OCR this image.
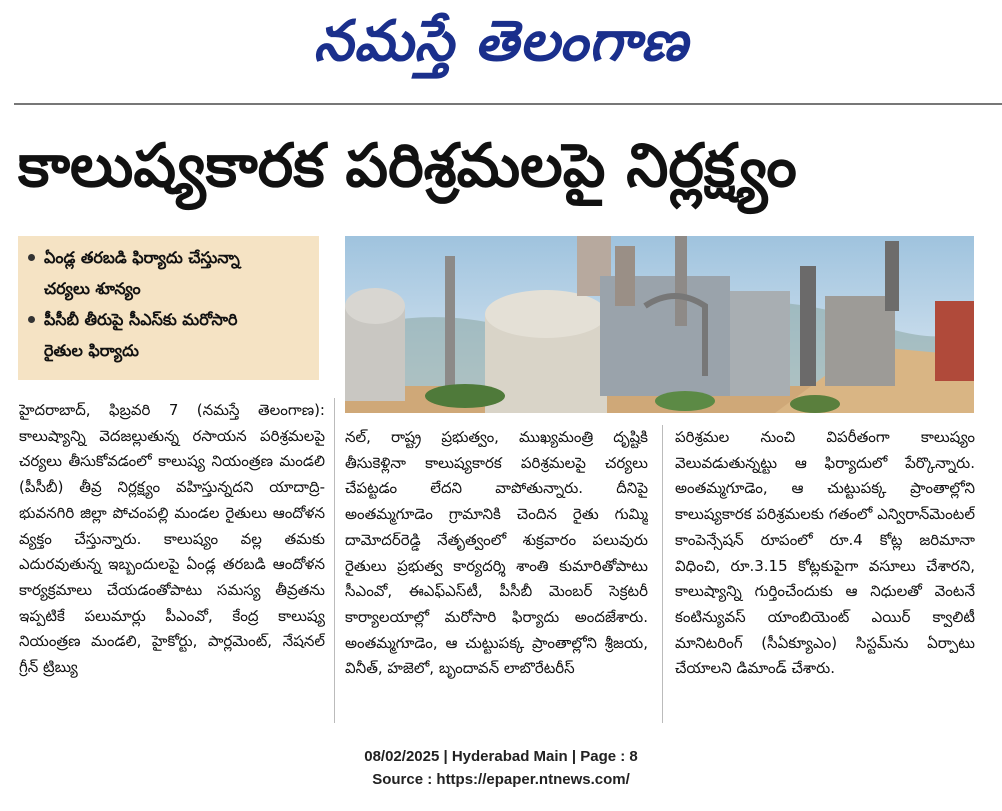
నమస్తే తెలంగాణ
కాలుష్యకారక పరిశ్రమలపై నిర్లక్ష్యం
ఏండ్ల తరబడి ఫిర్యాదు చేస్తున్నా
చర్యలు శూన్యం
పీసీబీ తీరుపై సీఎస్‌కు మరోసారి
రైతుల ఫిర్యాదు

హైదరాబాద్, ఫిబ్రవరి 7 (నమస్తే తెలంగాణ): కాలుష్యాన్ని వెదజల్లుతున్న రసాయన పరిశ్రమలపై చర్యలు తీసుకోవడంలో కాలుష్య నియంత్రణ మండలి (పీసీబీ) తీవ్ర నిర్లక్ష్యం వహిస్తున్నదని యాదాద్రి-భువనగిరి జిల్లా పోచంపల్లి మండల రైతులు ఆందోళన వ్యక్తం చేస్తున్నారు. కాలుష్యం వల్ల తమకు ఎదురవుతున్న ఇబ్బందులపై ఏండ్ల తరబడి ఆందోళన కార్యక్రమాలు చేయడంతోపాటు సమస్య తీవ్రతను ఇప్పటికే పలుమార్లు పీఎంవో, కేంద్ర కాలుష్య నియంత్రణ మండలి, హైకోర్టు, పార్లమెంట్, నేషనల్ గ్రీన్ ట్రిబ్యు

నల్, రాష్ట్ర ప్రభుత్వం, ముఖ్యమంత్రి దృష్టికి తీసుకెళ్లినా కాలుష్యకారక పరిశ్రమలపై చర్యలు చేపట్టడం లేదని వాపోతున్నారు. దీనిపై అంతమ్మగూడెం గ్రామానికి చెందిన రైతు గుమ్మి దామోదర్‌రెడ్డి నేతృత్వంలో శుక్రవారం పలువురు రైతులు ప్రభుత్వ కార్యదర్శి శాంతి కుమారితోపాటు సీఎంవో, ఈఎఫ్‌ఎస్‌టీ, పీసీబీ మెంబర్ సెక్రటరీ కార్యాలయాల్లో మరోసారి ఫిర్యాదు అందజేశారు. అంతమ్మగూడెం, ఆ చుట్టుపక్క ప్రాంతాల్లోని శ్రీజయ, వినీత్, హజెలో, బృందావన్ లాబొరేటరీస్

పరిశ్రమల నుంచి విపరీతంగా కాలుష్యం వెలువడుతున్నట్టు ఆ ఫిర్యాదులో పేర్కొన్నారు. అంతమ్మగూడెం, ఆ చుట్టుపక్క ప్రాంతాల్లోని కాలుష్యకారక పరిశ్రమలకు గతంలో ఎన్విరాన్‌మెంటల్ కాంపెన్సేషన్ రూపంలో రూ.4 కోట్ల జరిమానా విధించి, రూ.3.15 కోట్లకుపైగా వసూలు చేశారని, కాలుష్యాన్ని గుర్తించేందుకు ఆ నిధులతో వెంటనే కంటిన్యువస్ యాంబియెంట్ ఎయిర్ క్వాలిటీ మానిటరింగ్ (సీఏక్యూఎం) సిస్టమ్‌ను ఏర్పాటు చేయాలని డిమాండ్ చేశారు.

08/02/2025 | Hyderabad Main | Page : 8
Source : https://epaper.ntnews.com/
